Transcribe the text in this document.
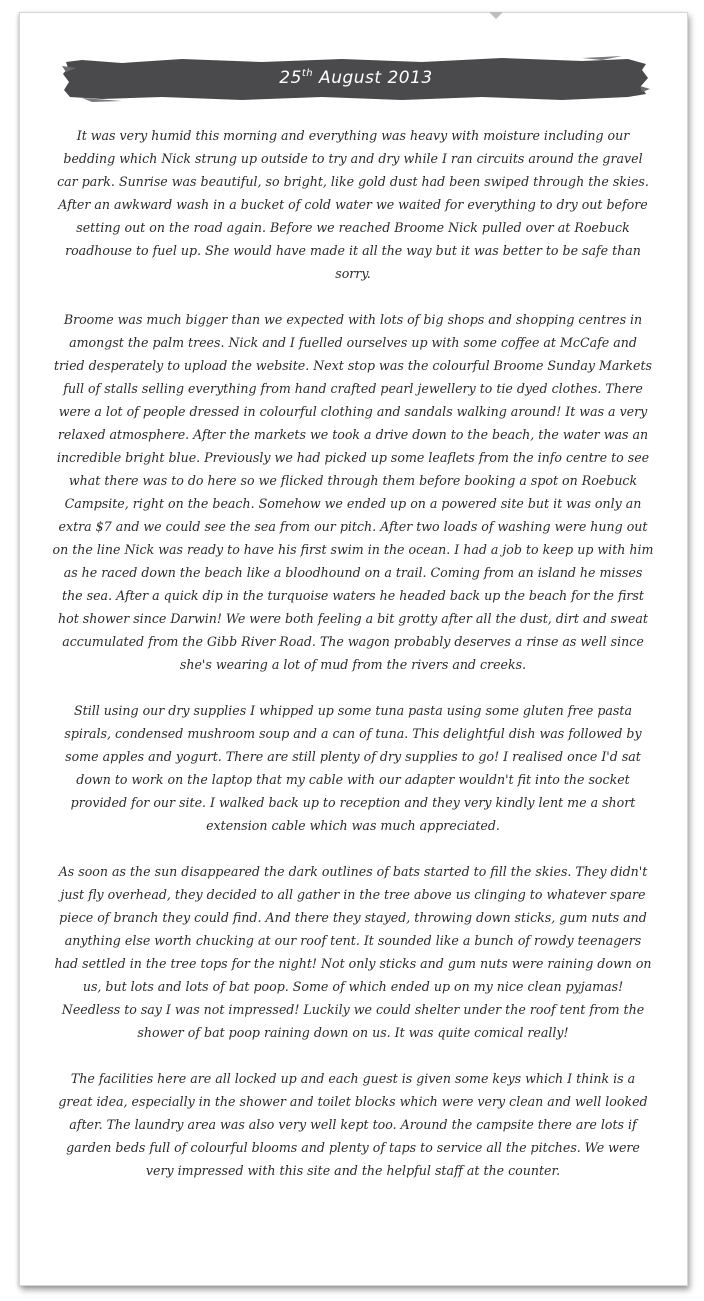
25th August 2013

It was very humid this morning and everything was heavy with moisture including our bedding which Nick strung up outside to try and dry while I ran circuits around the gravel car park. Sunrise was beautiful, so bright, like gold dust had been swiped through the skies. After an awkward wash in a bucket of cold water we waited for everything to dry out before setting out on the road again. Before we reached Broome Nick pulled over at Roebuck roadhouse to fuel up. She would have made it all the way but it was better to be safe than sorry.

Broome was much bigger than we expected with lots of big shops and shopping centres in amongst the palm trees. Nick and I fuelled ourselves up with some coffee at McCafe and tried desperately to upload the website. Next stop was the colourful Broome Sunday Markets full of stalls selling everything from hand crafted pearl jewellery to tie dyed clothes. There were a lot of people dressed in colourful clothing and sandals walking around! It was a very relaxed atmosphere. After the markets we took a drive down to the beach, the water was an incredible bright blue. Previously we had picked up some leaflets from the info centre to see what there was to do here so we flicked through them before booking a spot on Roebuck Campsite, right on the beach. Somehow we ended up on a powered site but it was only an extra $7 and we could see the sea from our pitch. After two loads of washing were hung out on the line Nick was ready to have his first swim in the ocean. I had a job to keep up with him as he raced down the beach like a bloodhound on a trail. Coming from an island he misses the sea. After a quick dip in the turquoise waters he headed back up the beach for the first hot shower since Darwin! We were both feeling a bit grotty after all the dust, dirt and sweat accumulated from the Gibb River Road. The wagon probably deserves a rinse as well since she's wearing a lot of mud from the rivers and creeks.

Still using our dry supplies I whipped up some tuna pasta using some gluten free pasta spirals, condensed mushroom soup and a can of tuna. This delightful dish was followed by some apples and yogurt. There are still plenty of dry supplies to go! I realised once I'd sat down to work on the laptop that my cable with our adapter wouldn't fit into the socket provided for our site. I walked back up to reception and they very kindly lent me a short extension cable which was much appreciated.

As soon as the sun disappeared the dark outlines of bats started to fill the skies. They didn't just fly overhead, they decided to all gather in the tree above us clinging to whatever spare piece of branch they could find. And there they stayed, throwing down sticks, gum nuts and anything else worth chucking at our roof tent. It sounded like a bunch of rowdy teenagers had settled in the tree tops for the night! Not only sticks and gum nuts were raining down on us, but lots and lots of bat poop. Some of which ended up on my nice clean pyjamas! Needless to say I was not impressed! Luckily we could shelter under the roof tent from the shower of bat poop raining down on us. It was quite comical really!

The facilities here are all locked up and each guest is given some keys which I think is a great idea, especially in the shower and toilet blocks which were very clean and well looked after. The laundry area was also very well kept too. Around the campsite there are lots if garden beds full of colourful blooms and plenty of taps to service all the pitches. We were very impressed with this site and the helpful staff at the counter.
